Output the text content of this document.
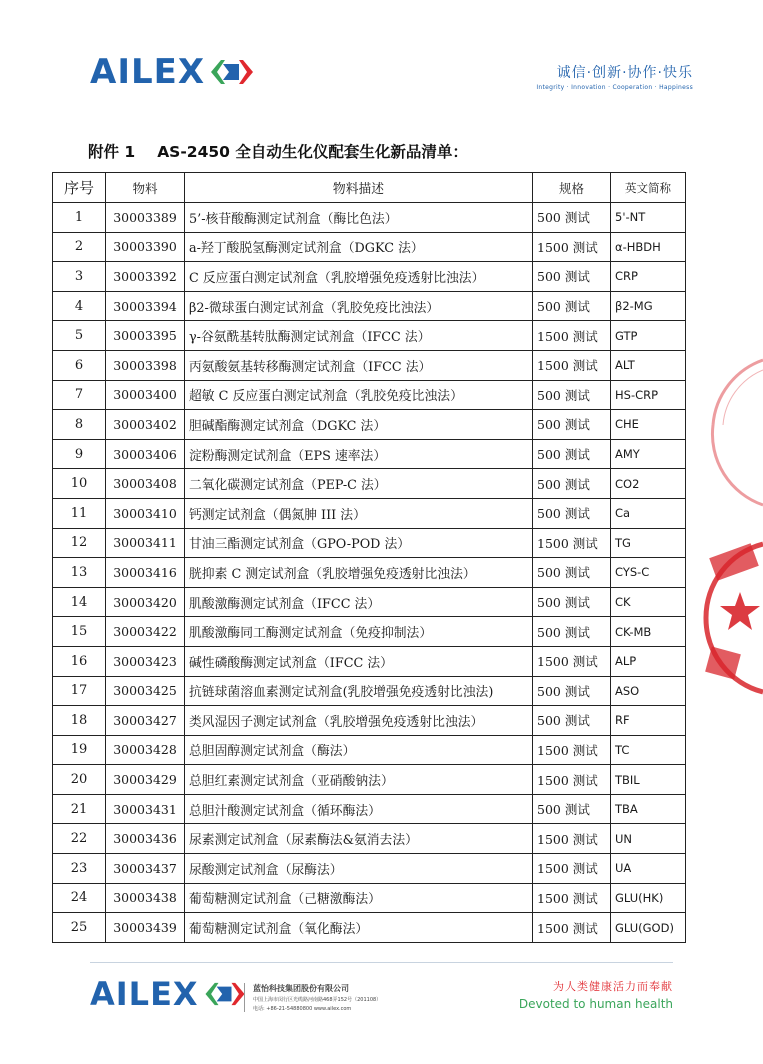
AILEX	诚信·创新·协作·快乐
Integrity · Innovation · Cooperation · Happiness
附件 1 AS-2450 全自动生化仪配套生化新品清单：
序号	物料	物料描述	规格	英文简称
1	30003389	5’-核苷酸酶测定试剂盒（酶比色法）	500 测试	5'-NT
2	30003390	a-羟丁酸脱氢酶测定试剂盒（DGKC 法）	1500 测试	α-HBDH
3	30003392	C 反应蛋白测定试剂盒（乳胶增强免疫透射比浊法）	500 测试	CRP
4	30003394	β2-微球蛋白测定试剂盒（乳胶免疫比浊法）	500 测试	β2-MG
5	30003395	γ-谷氨酰基转肽酶测定试剂盒（IFCC 法）	1500 测试	GTP
6	30003398	丙氨酸氨基转移酶测定试剂盒（IFCC 法）	1500 测试	ALT
7	30003400	超敏 C 反应蛋白测定试剂盒（乳胶免疫比浊法）	500 测试	HS-CRP
8	30003402	胆碱酯酶测定试剂盒（DGKC 法）	500 测试	CHE
9	30003406	淀粉酶测定试剂盒（EPS 速率法）	500 测试	AMY
10	30003408	二氧化碳测定试剂盒（PEP-C 法）	500 测试	CO2
11	30003410	钙测定试剂盒（偶氮胂 III 法）	500 测试	Ca
12	30003411	甘油三酯测定试剂盒（GPO-POD 法）	1500 测试	TG
13	30003416	胱抑素 C 测定试剂盒（乳胶增强免疫透射比浊法）	500 测试	CYS-C
14	30003420	肌酸激酶测定试剂盒（IFCC 法）	500 测试	CK
15	30003422	肌酸激酶同工酶测定试剂盒（免疫抑制法）	500 测试	CK-MB
16	30003423	碱性磷酸酶测定试剂盒（IFCC 法）	1500 测试	ALP
17	30003425	抗链球菌溶血素测定试剂盒(乳胶增强免疫透射比浊法)	500 测试	ASO
18	30003427	类风湿因子测定试剂盒（乳胶增强免疫透射比浊法）	500 测试	RF
19	30003428	总胆固醇测定试剂盒（酶法）	1500 测试	TC
20	30003429	总胆红素测定试剂盒（亚硝酸钠法）	1500 测试	TBIL
21	30003431	总胆汁酸测定试剂盒（循环酶法）	500 测试	TBA
22	30003436	尿素测定试剂盒（尿素酶法&氨消去法）	1500 测试	UN
23	30003437	尿酸测定试剂盒（尿酶法）	1500 测试	UA
24	30003438	葡萄糖测定试剂盒（己糖激酶法）	1500 测试	GLU(HK)
25	30003439	葡萄糖测定试剂盒（氧化酶法）	1500 测试	GLU(GOD)
AILEX	蓝怡科技集团股份有限公司
中国上海市闵行区光缆路河南路468弄152号（201108）
电话: +86-21-54880800 www.ailex.com
为人类健康活力而奉献
Devoted to human health
